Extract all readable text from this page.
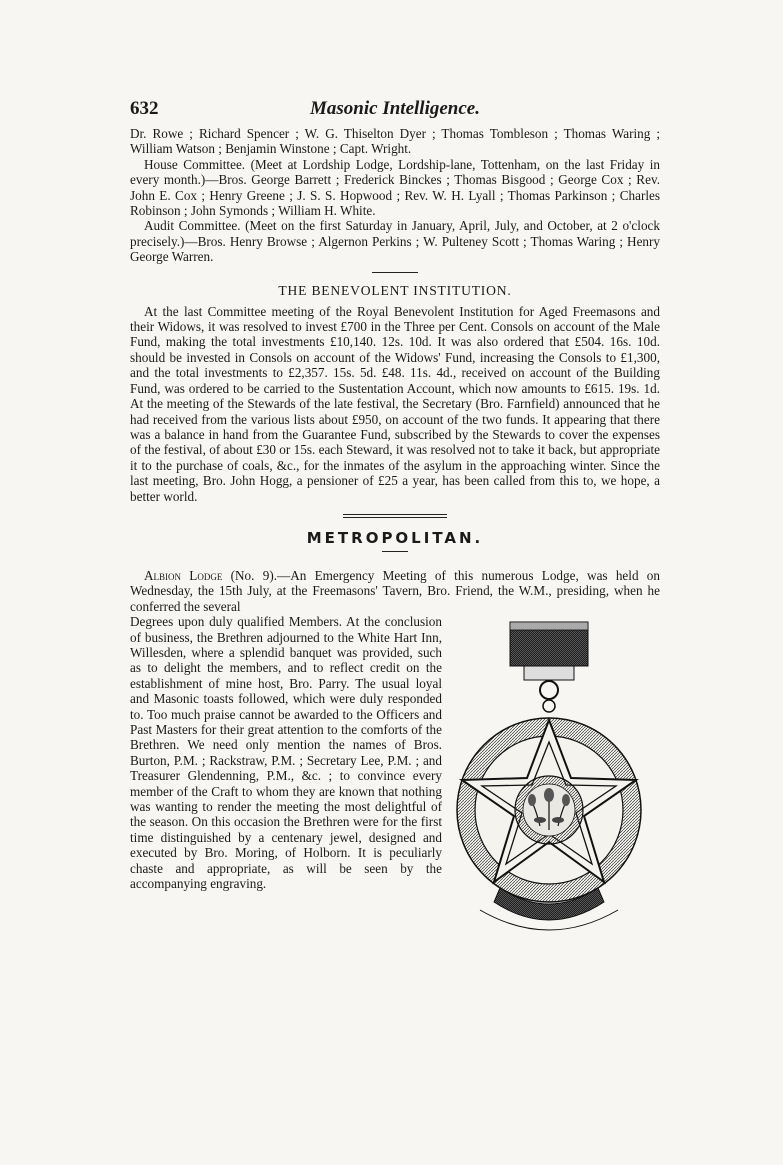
632	Masonic Intelligence.

Dr. Rowe ; Richard Spencer ; W. G. Thiselton Dyer ; Thomas Tombleson ; Thomas Waring ; William Watson ; Benjamin Winstone ; Capt. Wright.

House Committee. (Meet at Lordship Lodge, Lordship-lane, Tottenham, on the last Friday in every month.)—Bros. George Barrett ; Frederick Binckes ; Thomas Bisgood ; George Cox ; Rev. John E. Cox ; Henry Greene ; J. S. S. Hopwood ; Rev. W. H. Lyall ; Thomas Parkinson ; Charles Robinson ; John Symonds ; William H. White.

Audit Committee. (Meet on the first Saturday in January, April, July, and October, at 2 o'clock precisely.)—Bros. Henry Browse ; Algernon Perkins ; W. Pulteney Scott ; Thomas Waring ; Henry George Warren.

THE BENEVOLENT INSTITUTION.

At the last Committee meeting of the Royal Benevolent Institution for Aged Freemasons and their Widows, it was resolved to invest £700 in the Three per Cent. Consols on account of the Male Fund, making the total investments £10,140. 12s. 10d. It was also ordered that £504. 16s. 10d. should be invested in Consols on account of the Widows' Fund, increasing the Consols to £1,300, and the total investments to £2,357. 15s. 5d. £48. 11s. 4d., received on account of the Building Fund, was ordered to be carried to the Sustentation Account, which now amounts to £615. 19s. 1d. At the meeting of the Stewards of the late festival, the Secretary (Bro. Farnfield) announced that he had received from the various lists about £950, on account of the two funds. It appearing that there was a balance in hand from the Guarantee Fund, subscribed by the Stewards to cover the expenses of the festival, of about £30 or 15s. each Steward, it was resolved not to take it back, but appropriate it to the purchase of coals, &c., for the inmates of the asylum in the approaching winter. Since the last meeting, Bro. John Hogg, a pensioner of £25 a year, has been called from this to, we hope, a better world.

METROPOLITAN.

Albion Lodge (No. 9).—An Emergency Meeting of this numerous Lodge, was held on Wednesday, the 15th July, at the Freemasons' Tavern, Bro. Friend, the W.M., presiding, when he conferred the several

Degrees upon duly qualified Members. At the conclusion of business, the Brethren adjourned to the White Hart Inn, Willesden, where a splendid banquet was provided, such as to delight the members, and to reflect credit on the establishment of mine host, Bro. Parry. The usual loyal and Masonic toasts followed, which were duly responded to. Too much praise cannot be awarded to the Officers and Past Masters for their great attention to the comforts of the Brethren. We need only mention the names of Bros. Burton, P.M. ; Rackstraw, P.M. ; Secretary Lee, P.M. ; and Treasurer Glendenning, P.M., &c. ; to convince every member of the Craft to whom they are known that nothing was wanting to render the meeting the most delightful of the season. On this occasion the Brethren were for the first time distinguished by a centenary jewel, designed and executed by Bro. Moring, of Holborn. It is peculiarly chaste and appropriate, as will be seen by the accompanying engraving.
